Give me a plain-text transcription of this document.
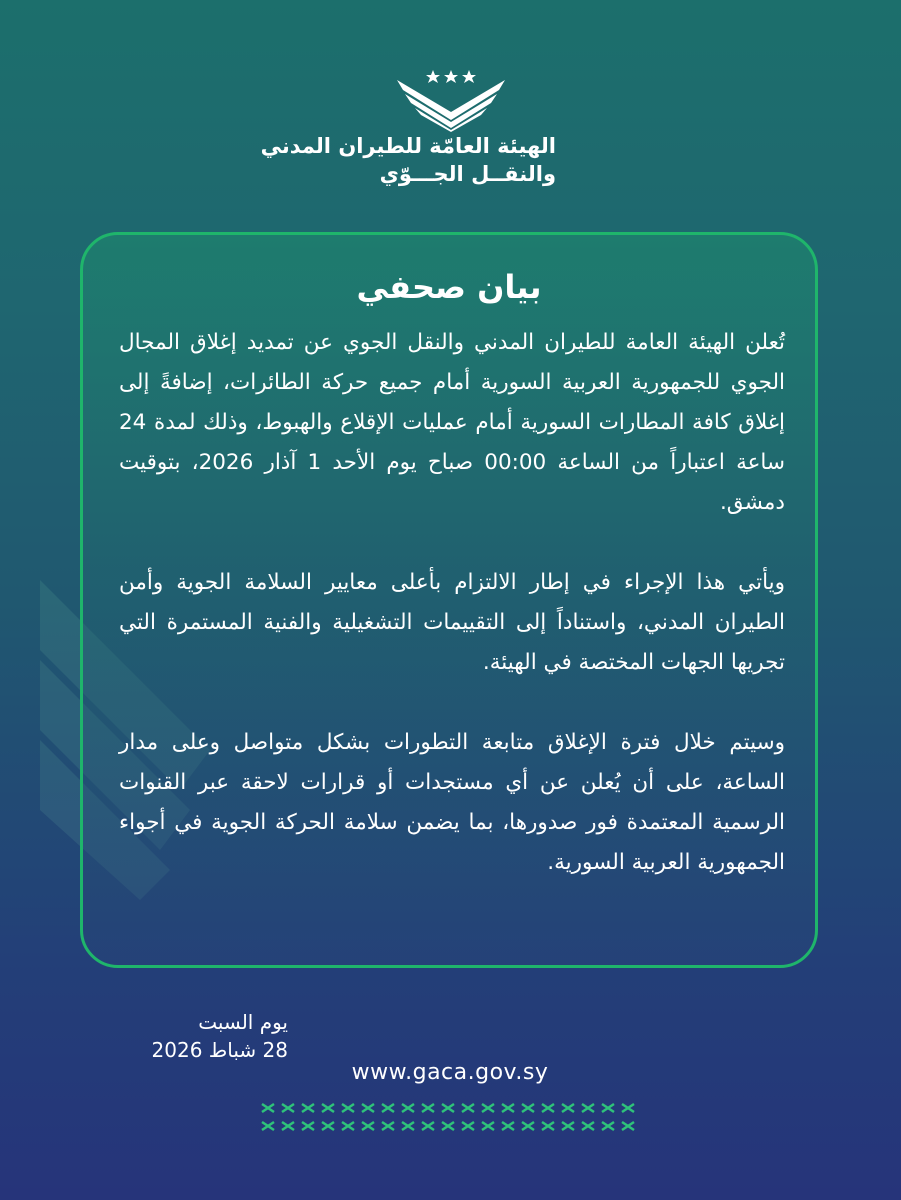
الهيئة العامّة للطيران المدني
والنقــل الجـــوّي
بيان صحفي

تُعلن الهيئة العامة للطيران المدني والنقل الجوي عن تمديد إغلاق المجال الجوي للجمهورية العربية السورية أمام جميع حركة الطائرات، إضافةً إلى إغلاق كافة المطارات السورية أمام عمليات الإقلاع والهبوط، وذلك لمدة 24 ساعة اعتباراً من الساعة 00:00 صباح يوم الأحد 1 آذار 2026، بتوقيت دمشق.

ويأتي هذا الإجراء في إطار الالتزام بأعلى معايير السلامة الجوية وأمن الطيران المدني، واستناداً إلى التقييمات التشغيلية والفنية المستمرة التي تجريها الجهات المختصة في الهيئة.

وسيتم خلال فترة الإغلاق متابعة التطورات بشكل متواصل وعلى مدار الساعة، على أن يُعلن عن أي مستجدات أو قرارات لاحقة عبر القنوات الرسمية المعتمدة فور صدورها، بما يضمن سلامة الحركة الجوية في أجواء الجمهورية العربية السورية.

يوم السبت
28 شباط 2026
www.gaca.gov.sy
